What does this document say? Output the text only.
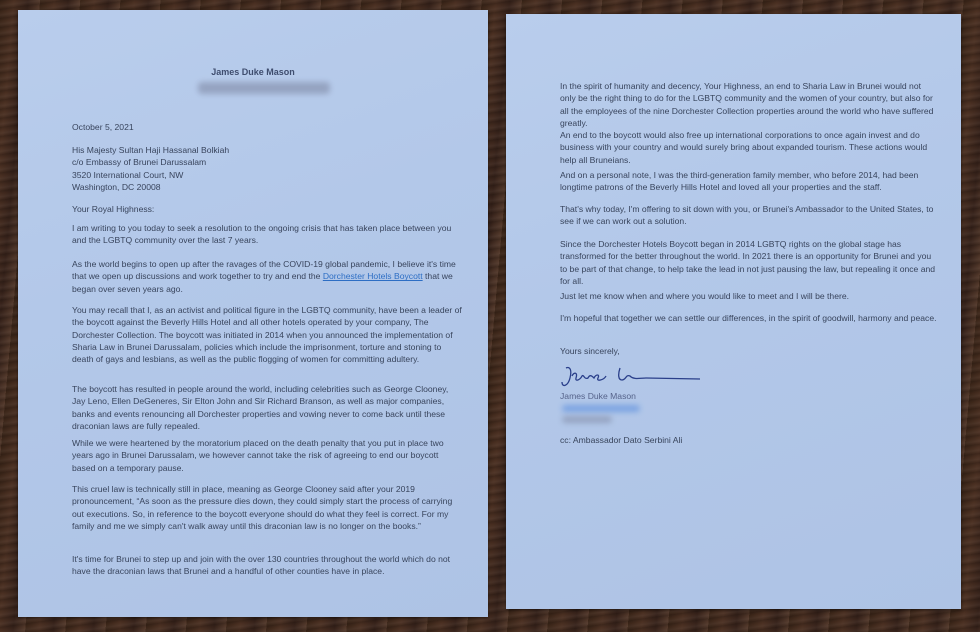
James Duke Mason

October 5, 2021

His Majesty Sultan Haji Hassanal Bolkiah

c/o Embassy of Brunei Darussalam

3520 International Court, NW

Washington, DC 20008

Your Royal Highness:

I am writing to you today to seek a resolution to the ongoing crisis that has taken place between you and the LGBTQ community over the last 7 years.

As the world begins to open up after the ravages of the COVID-19 global pandemic, I believe it's time that we open up discussions and work together to try and end the Dorchester Hotels Boycott that we began over seven years ago.

You may recall that I, as an activist and political figure in the LGBTQ community, have been a leader of the boycott against the Beverly Hills Hotel and all other hotels operated by your company, The Dorchester Collection. The boycott was initiated in 2014 when you announced the implementation of Sharia Law in Brunei Darussalam, policies which include the imprisonment, torture and stoning to death of gays and lesbians, as well as the public flogging of women for committing adultery.

The boycott has resulted in people around the world, including celebrities such as George Clooney, Jay Leno, Ellen DeGeneres, Sir Elton John and Sir Richard Branson, as well as major companies, banks and events renouncing all Dorchester properties and vowing never to come back until these draconian laws are fully repealed.

While we were heartened by the moratorium placed on the death penalty that you put in place two years ago in Brunei Darussalam, we however cannot take the risk of agreeing to end our boycott based on a temporary pause.

This cruel law is technically still in place, meaning as George Clooney said after your 2019 pronouncement, “As soon as the pressure dies down, they could simply start the process of carrying out executions. So, in reference to the boycott everyone should do what they feel is correct. For my family and me we simply can't walk away until this draconian law is no longer on the books.”

It's time for Brunei to step up and join with the over 130 countries throughout the world which do not have the draconian laws that Brunei and a handful of other counties have in place.

In the spirit of humanity and decency, Your Highness, an end to Sharia Law in Brunei would not only be the right thing to do for the LGBTQ community and the women of your country, but also for all the employees of the nine Dorchester Collection properties around the world who have suffered greatly.

An end to the boycott would also free up international corporations to once again invest and do business with your country and would surely bring about expanded tourism. These actions would help all Bruneians.

And on a personal note, I was the third-generation family member, who before 2014, had been longtime patrons of the Beverly Hills Hotel and loved all your properties and the staff.

That's why today, I'm offering to sit down with you, or Brunei's Ambassador to the United States, to see if we can work out a solution.

Since the Dorchester Hotels Boycott began in 2014 LGBTQ rights on the global stage has transformed for the better throughout the world. In 2021 there is an opportunity for Brunei and you to be part of that change, to help take the lead in not just pausing the law, but repealing it once and for all.

Just let me know when and where you would like to meet and I will be there.

I'm hopeful that together we can settle our differences, in the spirit of goodwill, harmony and peace.

Yours sincerely,

James Duke Mason

cc: Ambassador Dato Serbini Ali
